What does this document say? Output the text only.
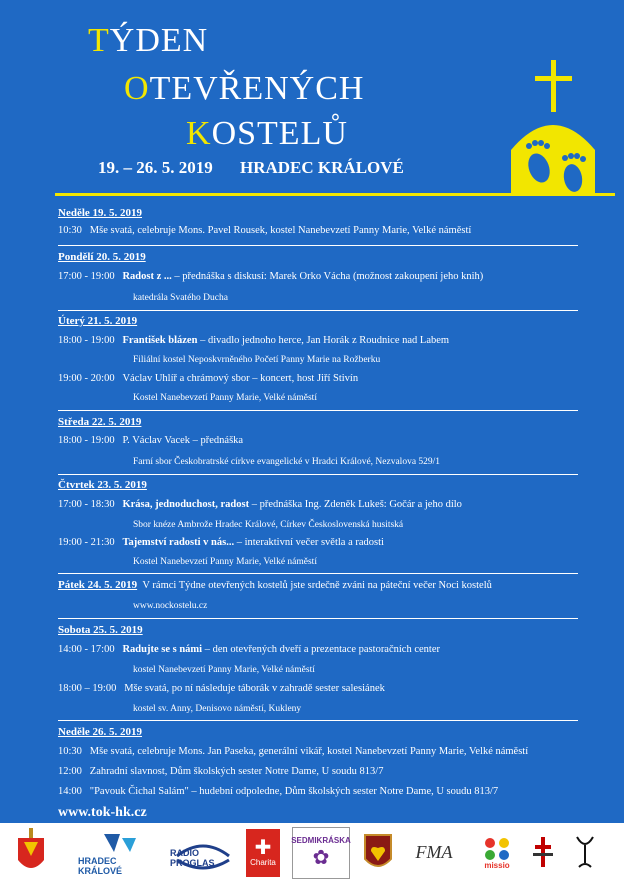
TÝDEN
OTEVŘENÝCH
KOSTELŮ
19. – 26. 5. 2019 HRADEC KRÁLOVÉ
Neděle 19. 5. 2019
10:30 Mše svatá, celebruje Mons. Pavel Rousek, kostel Nanebevzetí Panny Marie, Velké náměstí
Pondělí 20. 5. 2019
17:00 - 19:00 Radost z ... – přednáška s diskusí: Marek Orko Vácha (možnost zakoupení jeho knih)
katedrála Svatého Ducha
Úterý 21. 5. 2019
18:00 - 19:00 František blázen – divadlo jednoho herce, Jan Horák z Roudnice nad Labem
Filiální kostel Neposkvrněného Početí Panny Marie na Rožberku
19:00 - 20:00 Václav Uhlíř a chrámový sbor – koncert, host Jiří Stivín
Kostel Nanebevzetí Panny Marie, Velké náměstí
Středa 22. 5. 2019
18:00 - 19:00 P. Václav Vacek – přednáška
Farní sbor Českobratrské církve evangelické v Hradci Králové, Nezvalova 529/1
Čtvrtek 23. 5. 2019
17:00 - 18:30 Krása, jednoduchost, radost – přednáška Ing. Zdeněk Lukeš: Gočár a jeho dílo
Sbor knéze Ambrože Hradec Králové, Církev Československá husitská
19:00 - 21:30 Tajemství radosti v nás... – interaktivní večer světla a radosti
Kostel Nanebevzetí Panny Marie, Velké náměstí
Pátek 24. 5. 2019 V rámci Týdne otevřených kostelů jste srdečně zváni na páteční večer Noci kostelů
www.nockostelu.cz
Sobota 25. 5. 2019
14:00 - 17:00 Radujte se s námi – den otevřených dveří a prezentace pastoračních center
kostel Nanebevzetí Panny Marie, Velké náměstí
18:00 – 19:00 Mše svatá, po ní následuje táborák v zahradě sester salesiánek
kostel sv. Anny, Denisovo náměstí, Kukleny
Neděle 26. 5. 2019
10:30 Mše svatá, celebruje Mons. Jan Paseka, generální vikář, kostel Nanebevzetí Panny Marie, Velké náměstí
12:00 Zahradní slavnost, Dům školských sester Notre Dame, U soudu 813/7
14:00 "Pavouk Čichal Salám" – hudební odpoledne, Dům školských sester Notre Dame, U soudu 813/7
www.tok-hk.cz
HRADEC KRÁLOVÉ
RADIO PROGLAS
✚
Charita
SEDMIKRÁSKA
✿	FMA
missio
